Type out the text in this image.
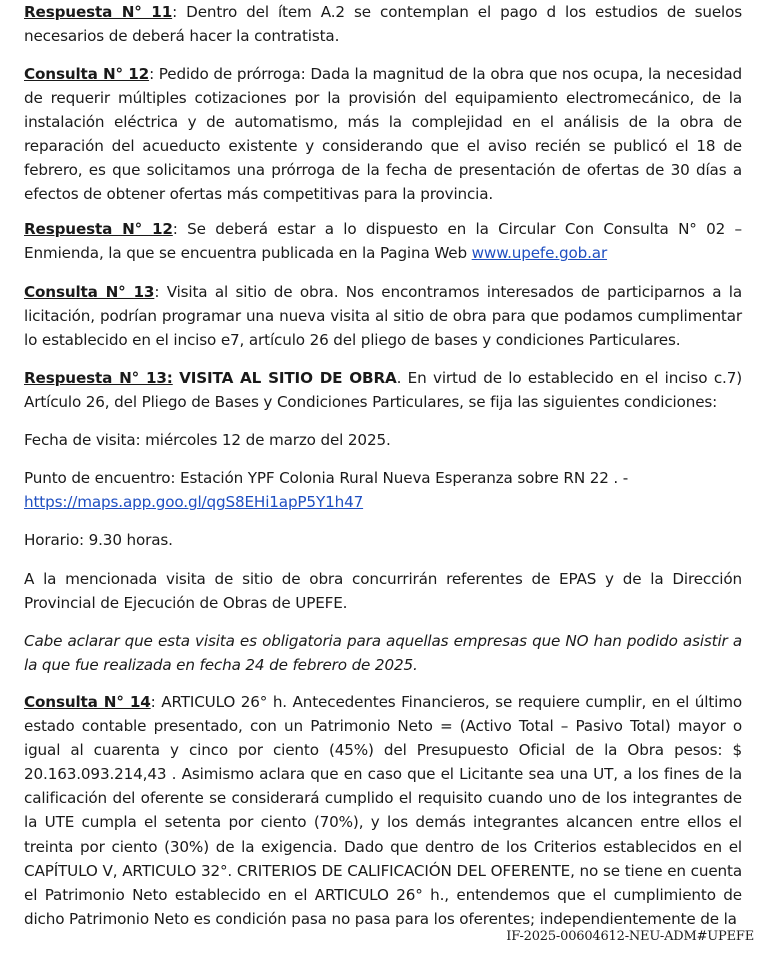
Respuesta N° 11: Dentro del ítem A.2 se contemplan el pago d los estudios de suelos necesarios de deberá hacer la contratista.

Consulta N° 12: Pedido de prórroga: Dada la magnitud de la obra que nos ocupa, la necesidad de requerir múltiples cotizaciones por la provisión del equipamiento electromecánico, de la instalación eléctrica y de automatismo, más la complejidad en el análisis de la obra de reparación del acueducto existente y considerando que el aviso recién se publicó el 18 de febrero, es que solicitamos una prórroga de la fecha de presentación de ofertas de 30 días a efectos de obtener ofertas más competitivas para la provincia.

Respuesta N° 12: Se deberá estar a lo dispuesto en la Circular Con Consulta N° 02 – Enmienda, la que se encuentra publicada en la Pagina Web www.upefe.gob.ar

Consulta N° 13: Visita al sitio de obra. Nos encontramos interesados de participarnos a la licitación, podrían programar una nueva visita al sitio de obra para que podamos cumplimentar lo establecido en el inciso e7, artículo 26 del pliego de bases y condiciones Particulares.

Respuesta N° 13: VISITA AL SITIO DE OBRA. En virtud de lo establecido en el inciso c.7) Artículo 26, del Pliego de Bases y Condiciones Particulares, se fija las siguientes condiciones:

Fecha de visita: miércoles 12 de marzo del 2025.

Punto de encuentro: Estación YPF Colonia Rural Nueva Esperanza sobre RN 22 . -
https://maps.app.goo.gl/qgS8EHi1apP5Y1h47

Horario: 9.30 horas.

A la mencionada visita de sitio de obra concurrirán referentes de EPAS y de la Dirección Provincial de Ejecución de Obras de UPEFE.

Cabe aclarar que esta visita es obligatoria para aquellas empresas que NO han podido asistir a la que fue realizada en fecha 24 de febrero de 2025.

Consulta N° 14: ARTICULO 26° h. Antecedentes Financieros, se requiere cumplir, en el último estado contable presentado, con un Patrimonio Neto = (Activo Total – Pasivo Total) mayor o igual al cuarenta y cinco por ciento (45%) del Presupuesto Oficial de la Obra pesos: $ 20.163.093.214,43 . Asimismo aclara que en caso que el Licitante sea una UT, a los fines de la calificación del oferente se considerará cumplido el requisito cuando uno de los integrantes de la UTE cumpla el setenta por ciento (70%), y los demás integrantes alcancen entre ellos el treinta por ciento (30%) de la exigencia. Dado que dentro de los Criterios establecidos en el CAPÍTULO V, ARTICULO 32°. CRITERIOS DE CALIFICACIÓN DEL OFERENTE, no se tiene en cuenta el Patrimonio Neto establecido en el ARTICULO 26° h., entendemos que el cumplimiento de dicho Patrimonio Neto es condición pasa no pasa para los oferentes; independientemente de la

IF-2025-00604612-NEU-ADM#UPEFE
